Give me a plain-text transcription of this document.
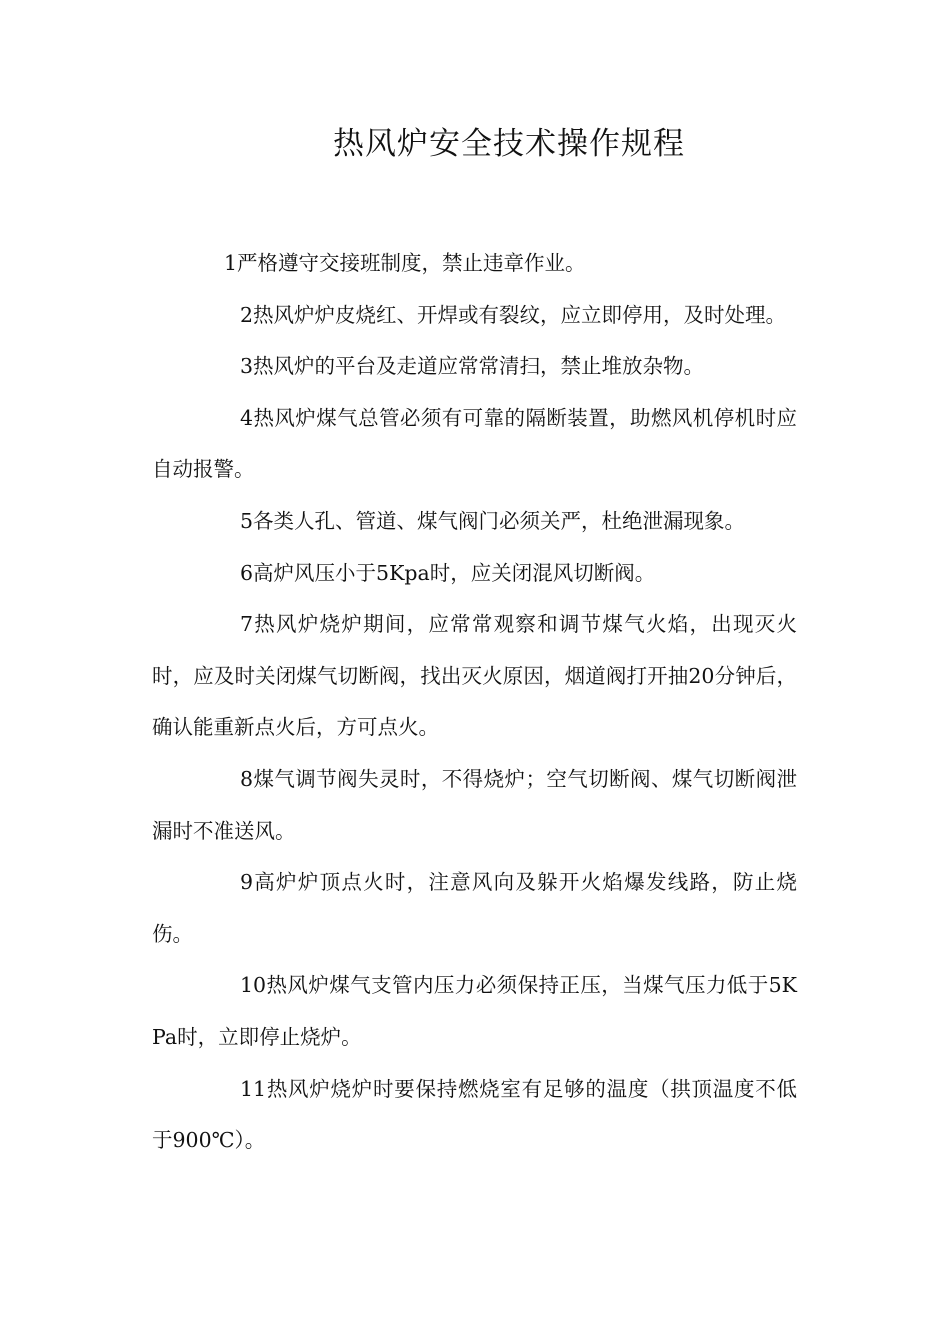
热风炉安全技术操作规程

1严格遵守交接班制度，禁止违章作业。

2热风炉炉皮烧红、开焊或有裂纹，应立即停用，及时处理。

3热风炉的平台及走道应常常清扫，禁止堆放杂物。

4热风炉煤气总管必须有可靠的隔断装置，助燃风机停机时应自动报警。

5各类人孔、管道、煤气阀门必须关严，杜绝泄漏现象。

6高炉风压小于5Kpa时，应关闭混风切断阀。

7热风炉烧炉期间，应常常观察和调节煤气火焰，出现灭火时，应及时关闭煤气切断阀，找出灭火原因，烟道阀打开抽20分钟后，确认能重新点火后，方可点火。

8煤气调节阀失灵时，不得烧炉；空气切断阀、煤气切断阀泄漏时不准送风。

9高炉炉顶点火时，注意风向及躲开火焰爆发线路，防止烧伤。

10热风炉煤气支管内压力必须保持正压，当煤气压力低于5KPa时，立即停止烧炉。

11热风炉烧炉时要保持燃烧室有足够的温度（拱顶温度不低于900℃）。
